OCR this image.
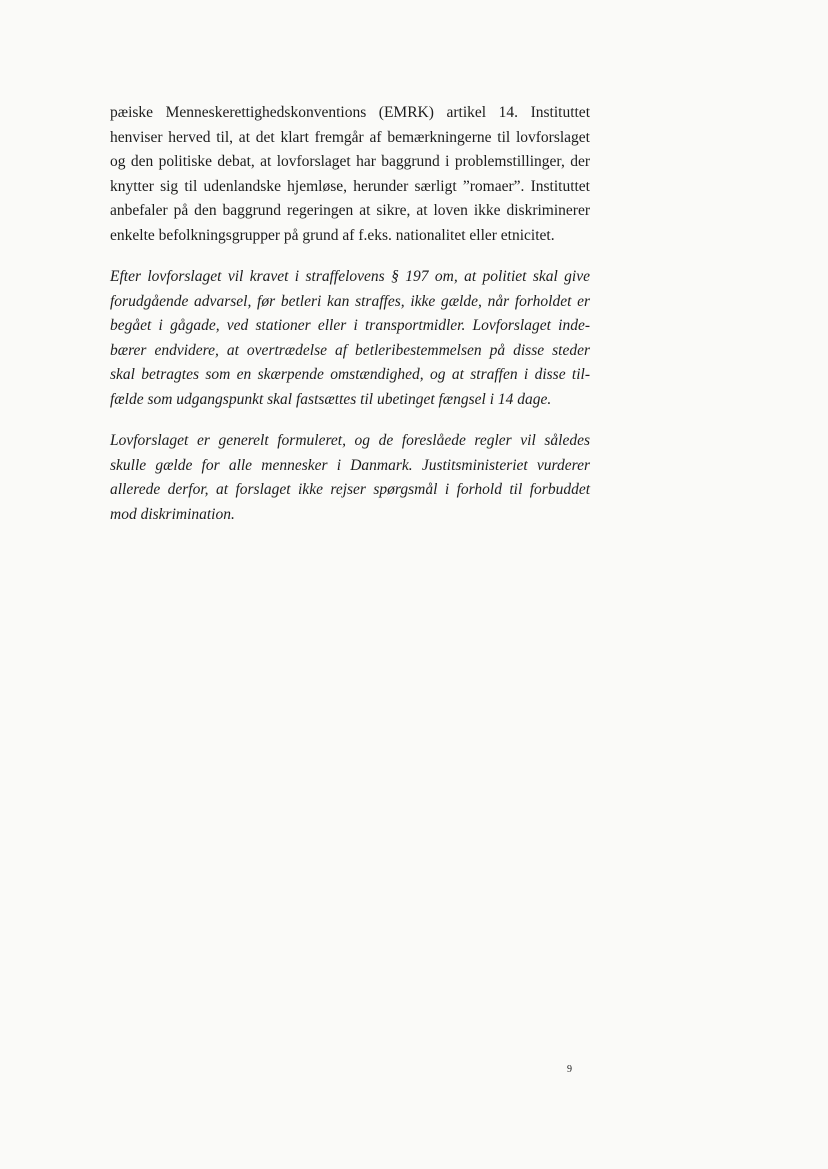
pæiske Menneskerettighedskonventions (EMRK) artikel 14. Instituttet
henviser herved til, at det klart fremgår af bemærkningerne til lovforslaget
og den politiske debat, at lovforslaget har baggrund i problemstillinger, der
knytter sig til udenlandske hjemløse, herunder særligt ”romaer”. Instituttet
anbefaler på den baggrund regeringen at sikre, at loven ikke diskriminerer
enkelte befolkningsgrupper på grund af f.eks. nationalitet eller etnicitet.

Efter lovforslaget vil kravet i straffelovens § 197 om, at politiet skal give
forudgående advarsel, før betleri kan straffes, ikke gælde, når forholdet er
begået i gågade, ved stationer eller i transportmidler. Lovforslaget inde-
bærer endvidere, at overtrædelse af betleribestemmelsen på disse steder
skal betragtes som en skærpende omstændighed, og at straffen i disse til-
fælde som udgangspunkt skal fastsættes til ubetinget fængsel i 14 dage.

Lovforslaget er generelt formuleret, og de foreslåede regler vil således
skulle gælde for alle mennesker i Danmark. Justitsministeriet vurderer
allerede derfor, at forslaget ikke rejser spørgsmål i forhold til forbuddet
mod diskrimination.

9
